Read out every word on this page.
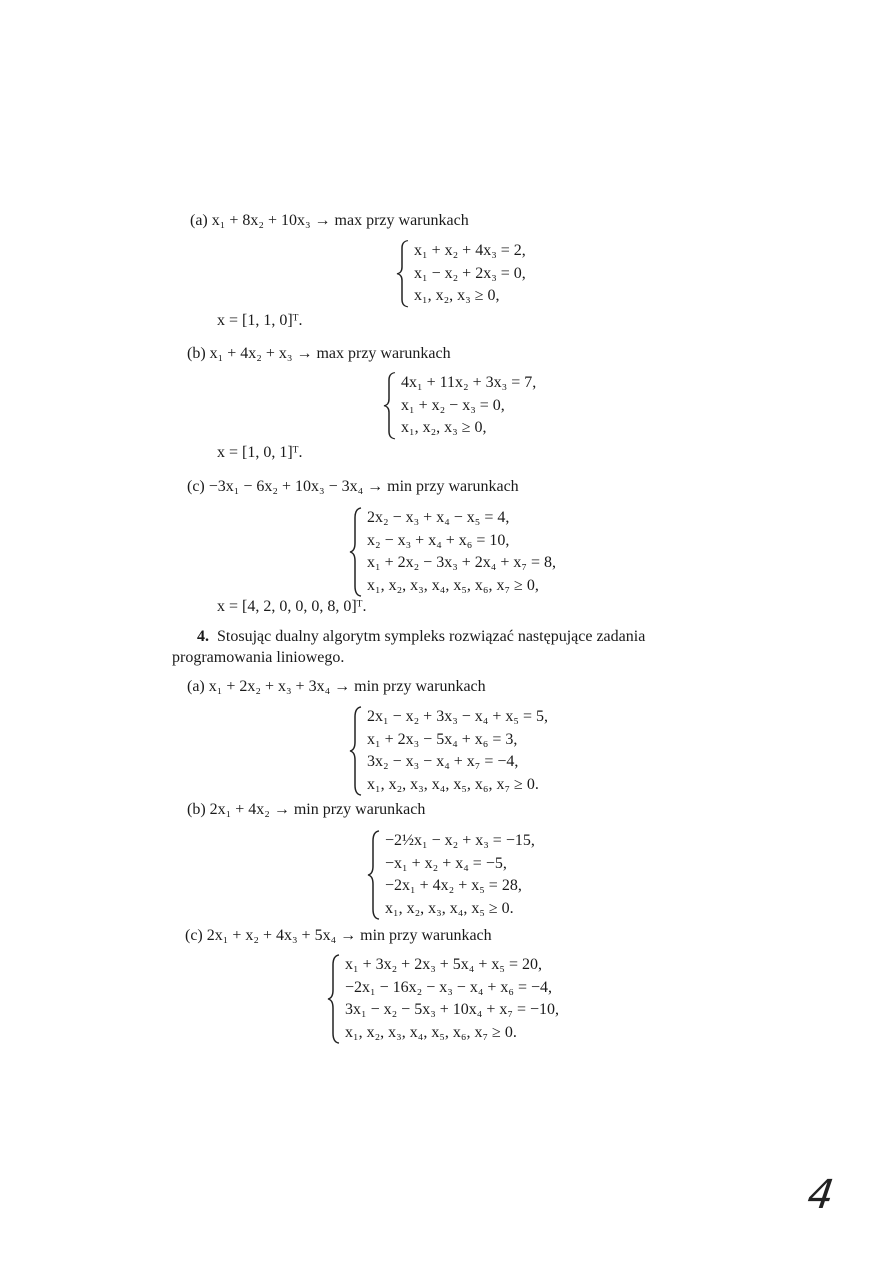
(a) x₁ + 8x₂ + 10x₃ → max przy warunkach
x₁ + x₂ + 4x₃ = 2,
x₁ − x₂ + 2x₃ = 0,
x₁, x₂, x₃ ≥ 0,
x = [1, 1, 0]ᵀ.
(b) x₁ + 4x₂ + x₃ → max przy warunkach
4x₁ + 11x₂ + 3x₃ = 7,
x₁ + x₂ − x₃ = 0,
x₁, x₂, x₃ ≥ 0,
x = [1, 0, 1]ᵀ.
(c) −3x₁ − 6x₂ + 10x₃ − 3x₄ → min przy warunkach
2x₂ − x₃ + x₄ − x₅ = 4,
x₂ − x₃ + x₄ + x₆ = 10,
x₁ + 2x₂ − 3x₃ + 2x₄ + x₇ = 8,
x₁, x₂, x₃, x₄, x₅, x₆, x₇ ≥ 0,
x = [4, 2, 0, 0, 0, 8, 0]ᵀ.
4. Stosując dualny algorytm sympleks rozwiązać następujące zadania
programowania liniowego.
(a) x₁ + 2x₂ + x₃ + 3x₄ → min przy warunkach
2x₁ − x₂ + 3x₃ − x₄ + x₅ = 5,
x₁ + 2x₃ − 5x₄ + x₆ = 3,
3x₂ − x₃ − x₄ + x₇ = −4,
x₁, x₂, x₃, x₄, x₅, x₆, x₇ ≥ 0.
(b) 2x₁ + 4x₂ → min przy warunkach
−2½x₁ − x₂ + x₃ = −15,
−x₁ + x₂ + x₄ = −5,
−2x₁ + 4x₂ + x₅ = 28,
x₁, x₂, x₃, x₄, x₅ ≥ 0.
(c) 2x₁ + x₂ + 4x₃ + 5x₄ → min przy warunkach
x₁ + 3x₂ + 2x₃ + 5x₄ + x₅ = 20,
−2x₁ − 16x₂ − x₃ − x₄ + x₆ = −4,
3x₁ − x₂ − 5x₃ + 10x₄ + x₇ = −10,
x₁, x₂, x₃, x₄, x₅, x₆, x₇ ≥ 0.
4
